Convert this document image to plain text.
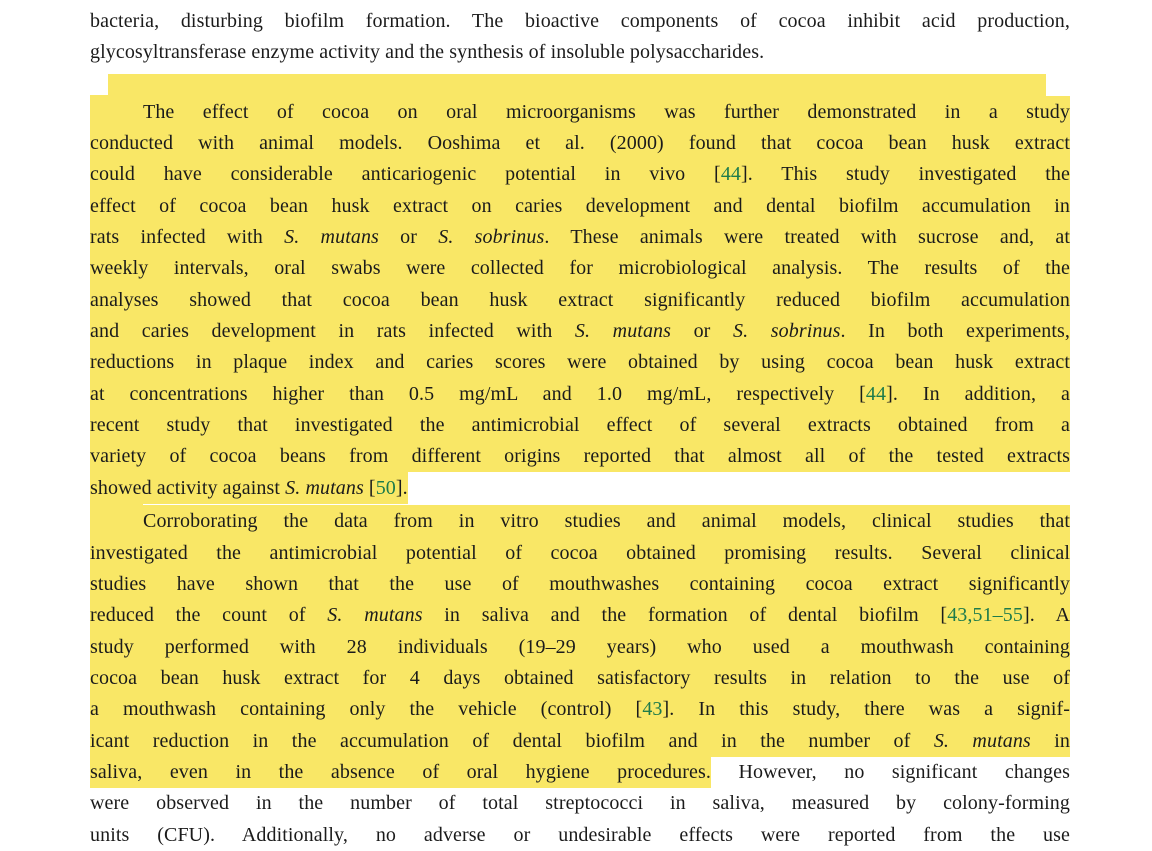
bacteria, disturbing biofilm formation. The bioactive components of cocoa inhibit acid production,
glycosyltransferase enzyme activity and the synthesis of insoluble polysaccharides.
The effect of cocoa on oral microorganisms was further demonstrated in a study
conducted with animal models. Ooshima et al. (2000) found that cocoa bean husk extract
could have considerable anticariogenic potential in vivo [44]. This study investigated the
effect of cocoa bean husk extract on caries development and dental biofilm accumulation in
rats infected with S. mutans or S. sobrinus. These animals were treated with sucrose and, at
weekly intervals, oral swabs were collected for microbiological analysis. The results of the
analyses showed that cocoa bean husk extract significantly reduced biofilm accumulation
and caries development in rats infected with S. mutans or S. sobrinus. In both experiments,
reductions in plaque index and caries scores were obtained by using cocoa bean husk extract
at concentrations higher than 0.5 mg/mL and 1.0 mg/mL, respectively [44]. In addition, a
recent study that investigated the antimicrobial effect of several extracts obtained from a
variety of cocoa beans from different origins reported that almost all of the tested extracts
showed activity against S. mutans [50].
Corroborating the data from in vitro studies and animal models, clinical studies that
investigated the antimicrobial potential of cocoa obtained promising results. Several clinical
studies have shown that the use of mouthwashes containing cocoa extract significantly
reduced the count of S. mutans in saliva and the formation of dental biofilm [43,51–55]. A
study performed with 28 individuals (19–29 years) who used a mouthwash containing
cocoa bean husk extract for 4 days obtained satisfactory results in relation to the use of
a mouthwash containing only the vehicle (control) [43]. In this study, there was a signif-
icant reduction in the accumulation of dental biofilm and in the number of S. mutans in
saliva, even in the absence of oral hygiene procedures. However, no significant changes
were observed in the number of total streptococci in saliva, measured by colony-forming
units (CFU). Additionally, no adverse or undesirable effects were reported from the use
